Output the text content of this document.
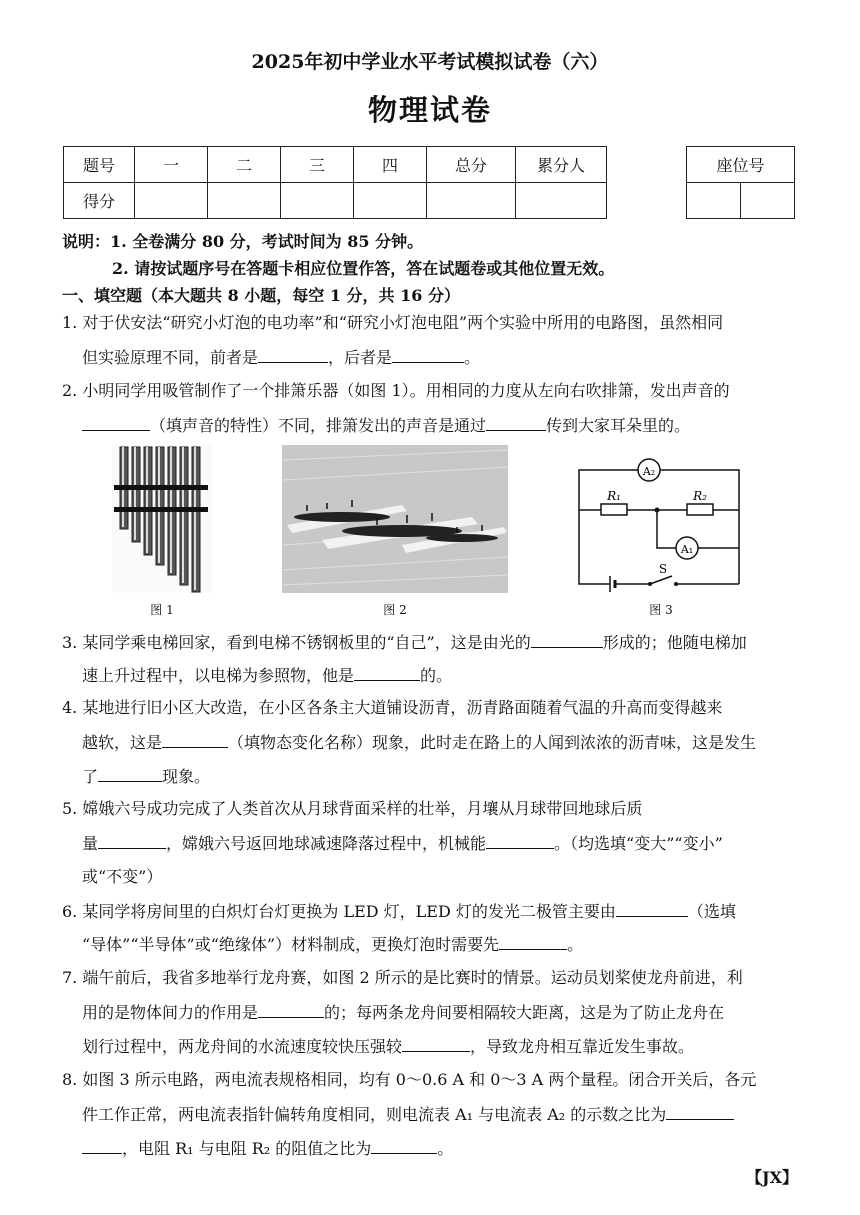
2025年初中学业水平考试模拟试卷（六）
物理试卷
题号	一	二	三	四	总分	累分人
得分						
座位号

说明：1. 全卷满分 80 分，考试时间为 85 分钟。
2. 请按试题序号在答题卡相应位置作答，答在试题卷或其他位置无效。
一、填空题（本大题共 8 小题，每空 1 分，共 16 分）
1. 对于伏安法“研究小灯泡的电功率”和“研究小灯泡电阻”两个实验中所用的电路图，虽然相同
但实验原理不同，前者是	，后者是	。
2. 小明同学用吸管制作了一个排箫乐器（如图 1）。用相同的力度从左向右吹排箫，发出声音的
（填声音的特性）不同，排箫发出的声音是通过	传到大家耳朵里的。
图 1	图 2
A₂
A₁
R₁	R₂
S
图 3
3. 某同学乘电梯回家，看到电梯不锈钢板里的“自己”，这是由光的	形成的；他随电梯加
速上升过程中，以电梯为参照物，他是	的。
4. 某地进行旧小区大改造，在小区各条主大道铺设沥青，沥青路面随着气温的升高而变得越来
越软，这是	（填物态变化名称）现象，此时走在路上的人闻到浓浓的沥青味，这是发生
了	现象。
5. 嫦娥六号成功完成了人类首次从月球背面采样的壮举，月壤从月球带回地球后质
量	，嫦娥六号返回地球减速降落过程中，机械能	。（均选填“变大”“变小”
或“不变”）
6. 某同学将房间里的白炽灯台灯更换为 LED 灯，LED 灯的发光二极管主要由	（选填
“导体”“半导体”或“绝缘体”）材料制成，更换灯泡时需要先	。
7. 端午前后，我省多地举行龙舟赛，如图 2 所示的是比赛时的情景。运动员划桨使龙舟前进，利
用的是物体间力的作用是	的；每两条龙舟间要相隔较大距离，这是为了防止龙舟在
划行过程中，两龙舟间的水流速度较快压强较	，导致龙舟相互靠近发生事故。
8. 如图 3 所示电路，两电流表规格相同，均有 0～0.6 A 和 0～3 A 两个量程。闭合开关后，各元
件工作正常，两电流表指针偏转角度相同，则电流表 A₁ 与电流表 A₂ 的示数之比为
，电阻 R₁ 与电阻 R₂ 的阻值之比为	。
【JX】
